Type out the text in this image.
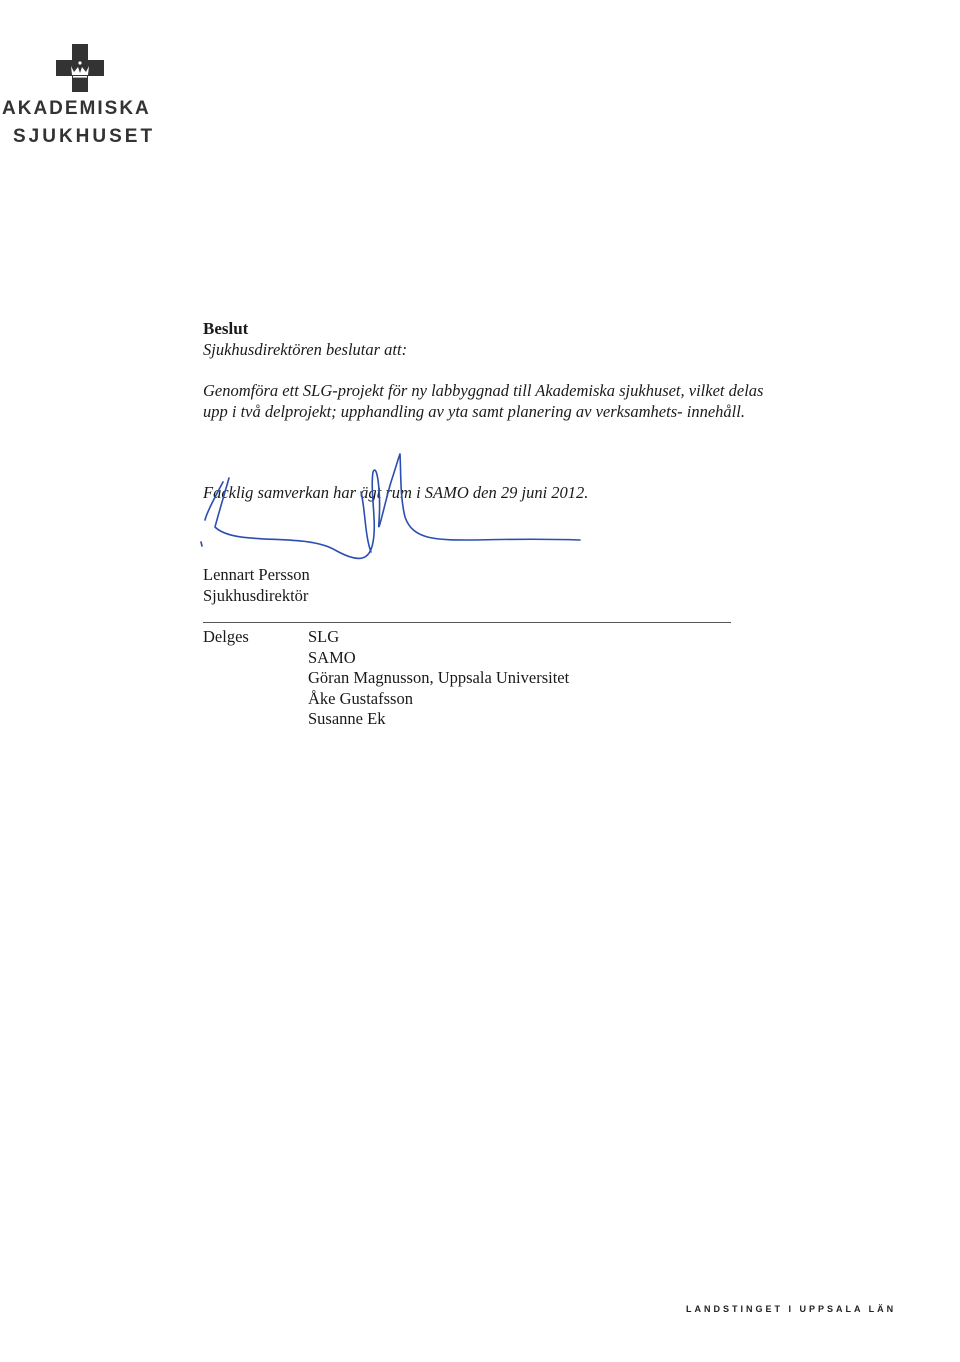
AKADEMISKA
SJUKHUSET
Beslut
Sjukhusdirektören beslutar att:

Genomföra ett SLG-projekt för ny labbyggnad till Akademiska sjukhuset, vilket delas upp i två delprojekt; upphandling av yta samt planering av verksamhets- innehåll.

Facklig samverkan har ägt rum i SAMO den 29 juni 2012.
Lennart Persson
Sjukhusdirektör
Delges	SLG
SAMO
Göran Magnusson, Uppsala Universitet
Åke Gustafsson
Susanne Ek
LANDSTINGET I UPPSALA LÄN
